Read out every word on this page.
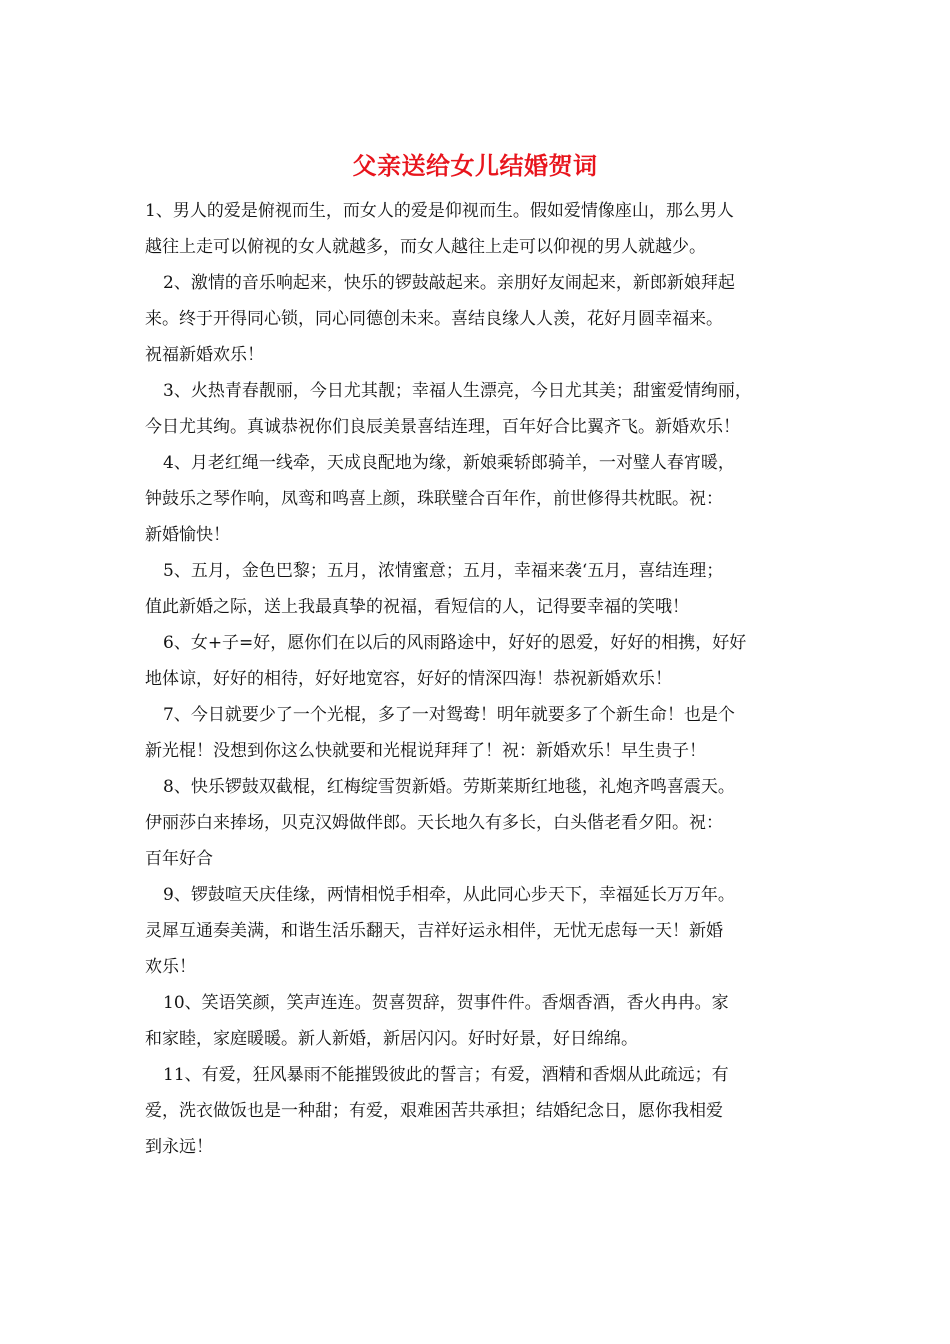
父亲送给女儿结婚贺词
1、男人的爱是俯视而生，而女人的爱是仰视而生。假如爱情像座山，那么男人
越往上走可以俯视的女人就越多，而女人越往上走可以仰视的男人就越少。
2、激情的音乐响起来，快乐的锣鼓敲起来。亲朋好友闹起来，新郎新娘拜起
来。终于开得同心锁，同心同德创未来。喜结良缘人人羡，花好月圆幸福来。
祝福新婚欢乐！
3、火热青春靓丽，今日尤其靓；幸福人生漂亮，今日尤其美；甜蜜爱情绚丽，
今日尤其绚。真诚恭祝你们良辰美景喜结连理，百年好合比翼齐飞。新婚欢乐！
4、月老红绳一线牵，天成良配地为缘，新娘乘轿郎骑羊，一对璧人春宵暖，
钟鼓乐之琴作响，凤鸾和鸣喜上颜，珠联璧合百年作，前世修得共枕眠。祝：
新婚愉快！
5、五月，金色巴黎；五月，浓情蜜意；五月，幸福来袭‘五月，喜结连理；
值此新婚之际，送上我最真挚的祝福，看短信的人，记得要幸福的笑哦！
6、女+子=好，愿你们在以后的风雨路途中，好好的恩爱，好好的相携，好好
地体谅，好好的相待，好好地宽容，好好的情深四海！恭祝新婚欢乐！
7、今日就要少了一个光棍，多了一对鸳鸯！明年就要多了个新生命！也是个
新光棍！没想到你这么快就要和光棍说拜拜了！祝：新婚欢乐！早生贵子！
8、快乐锣鼓双截棍，红梅绽雪贺新婚。劳斯莱斯红地毯，礼炮齐鸣喜震天。
伊丽莎白来捧场，贝克汉姆做伴郎。天长地久有多长，白头偕老看夕阳。祝：
百年好合
9、锣鼓喧天庆佳缘，两情相悦手相牵，从此同心步天下，幸福延长万万年。
灵犀互通奏美满，和谐生活乐翻天，吉祥好运永相伴，无忧无虑每一天！新婚
欢乐！
10、笑语笑颜，笑声连连。贺喜贺辞，贺事件件。香烟香酒，香火冉冉。家
和家睦，家庭暖暖。新人新婚，新居闪闪。好时好景，好日绵绵。
11、有爱，狂风暴雨不能摧毁彼此的誓言；有爱，酒精和香烟从此疏远；有
爱，洗衣做饭也是一种甜；有爱，艰难困苦共承担；结婚纪念日，愿你我相爱
到永远！
